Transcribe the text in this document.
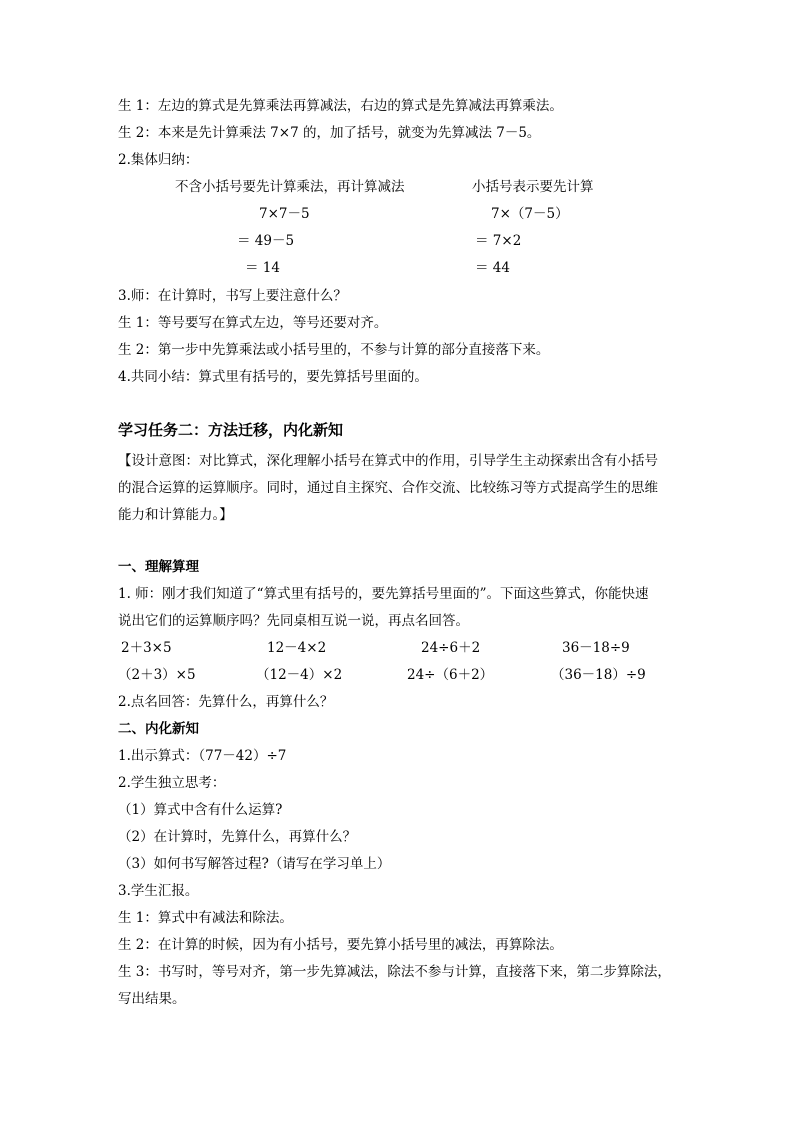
生 1：左边的算式是先算乘法再算减法，右边的算式是先算减法再算乘法。
生 2：本来是先计算乘法 7×7 的，加了括号，就变为先算减法 7－5。
2.集体归纳：
不含小括号要先计算乘法，再计算减法	小括号表示要先计算
7×7－5	7×（7－5）
＝ 49－5	＝ 7×2
＝ 14	＝ 44
3.师：在计算时，书写上要注意什么？
生 1：等号要写在算式左边，等号还要对齐。
生 2：第一步中先算乘法或小括号里的，不参与计算的部分直接落下来。
4.共同小结：算式里有括号的，要先算括号里面的。
学习任务二：方法迁移，内化新知
【设计意图：对比算式，深化理解小括号在算式中的作用，引导学生主动探索出含有小括号
的混合运算的运算顺序。同时，通过自主探究、合作交流、比较练习等方式提高学生的思维
能力和计算能力。】
一、理解算理
1. 师：刚才我们知道了“算式里有括号的，要先算括号里面的”。下面这些算式，你能快速
说出它们的运算顺序吗？先同桌相互说一说，再点名回答。
2＋3×5	12－4×2	24÷6＋2	36－18÷9
（2＋3）×5	（12－4）×2	24÷（6＋2）	（36－18）÷9
2.点名回答：先算什么，再算什么？
二、内化新知
1.出示算式：（77－42）÷7
2.学生独立思考：
（1）算式中含有什么运算?
（2）在计算时，先算什么，再算什么？
（3）如何书写解答过程?（请写在学习单上）
3.学生汇报。
生 1：算式中有减法和除法。
生 2：在计算的时候，因为有小括号，要先算小括号里的减法，再算除法。
生 3：书写时，等号对齐，第一步先算减法，除法不参与计算，直接落下来，第二步算除法，
写出结果。
